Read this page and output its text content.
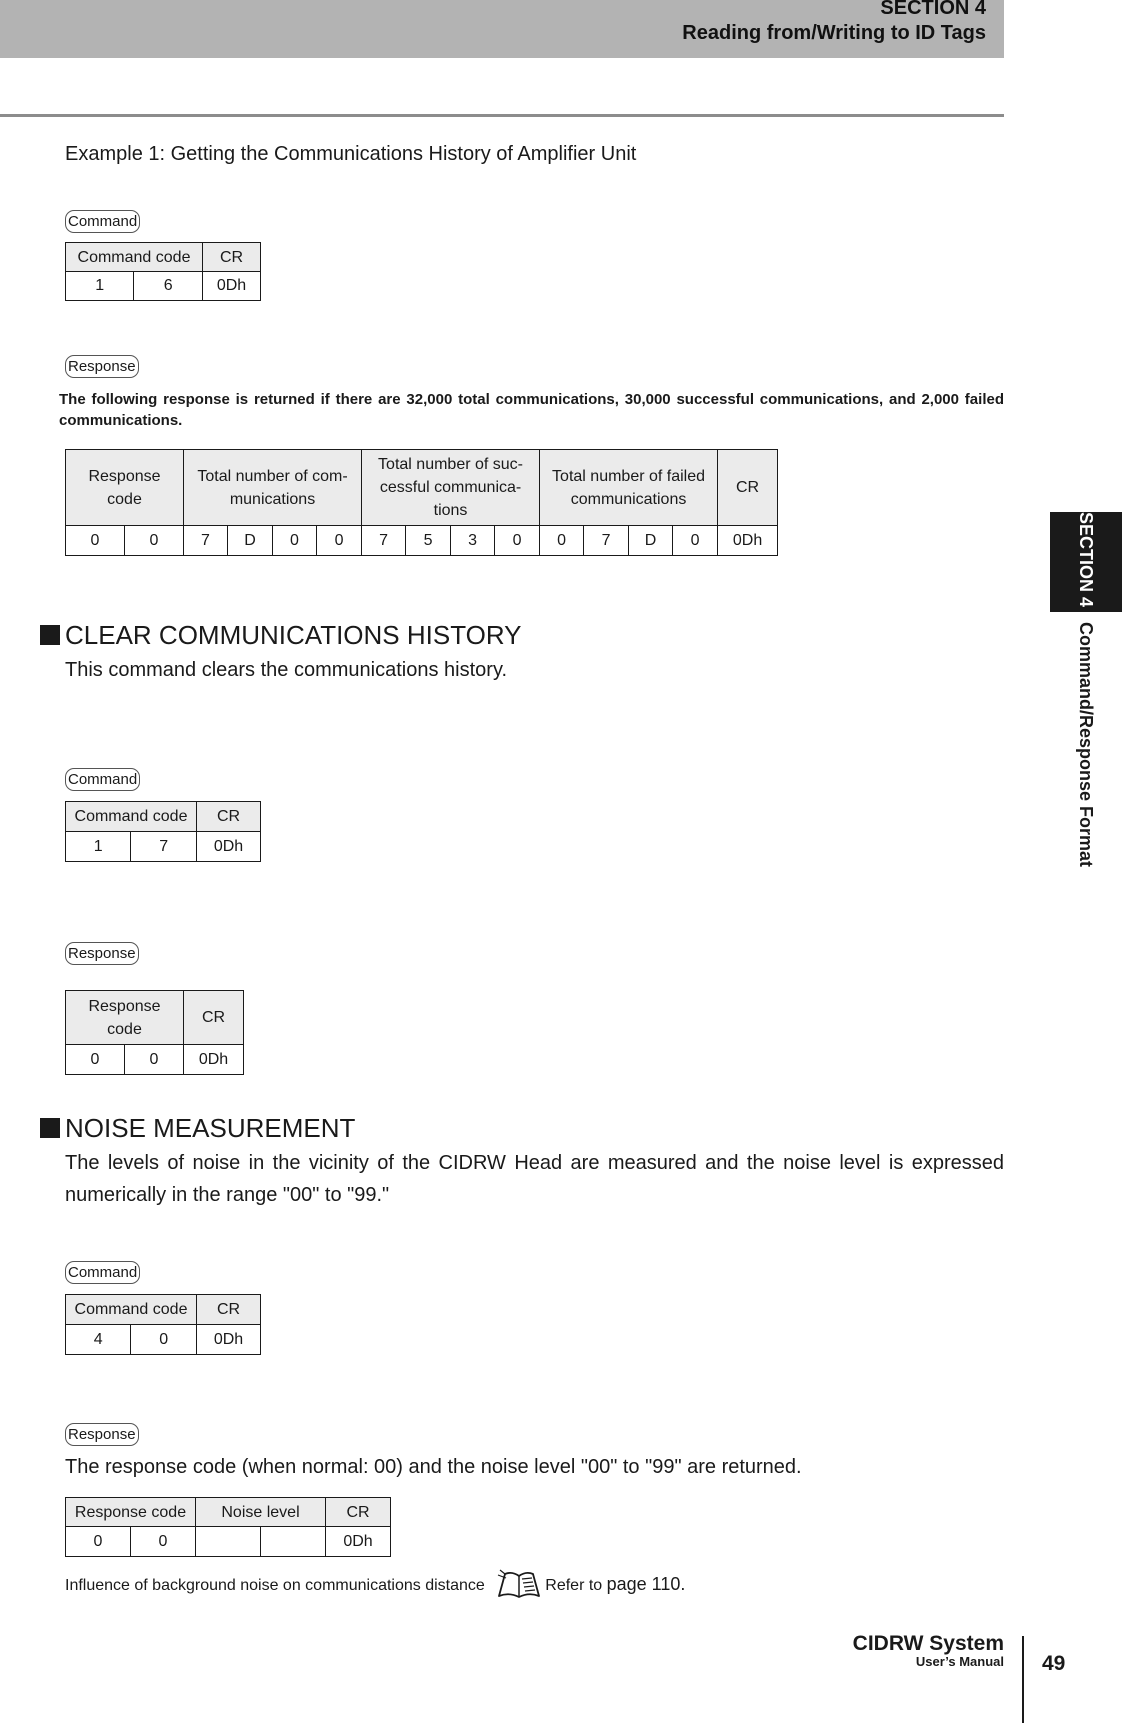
SECTION 4
Reading from/Writing to ID Tags
SECTION 4 Command/Response Format
Example 1: Getting the Communications History of Amplifier Unit
Command
Command code		CR
1	6	0Dh
Response
The following response is returned if there are 32,000 total communications, 30,000 successful communications, and 2,000 failed communications.
Response code		Total number of com-munications				Total number of suc-cessful communica-tions				Total number of failed communications				CR
0	0	7	D	0	0	7	5	3	0	0	7	D	0	0Dh
CLEAR COMMUNICATIONS HISTORY
This command clears the communications history.
Command
Command code		CR
1	7	0Dh
Response
Response code		CR
0	0	0Dh
NOISE MEASUREMENT
The levels of noise in the vicinity of the CIDRW Head are measured and the noise level is expressed numerically in the range "00" to "99."
Command
Command code		CR
4	0	0Dh
Response
The response code (when normal: 00) and the noise level "00" to "99" are returned.
Response code		Noise level		CR
0	0			0Dh
Influence of background noise on communications distance	Refer to page 110.
CIDRW System
User’s Manual 49
